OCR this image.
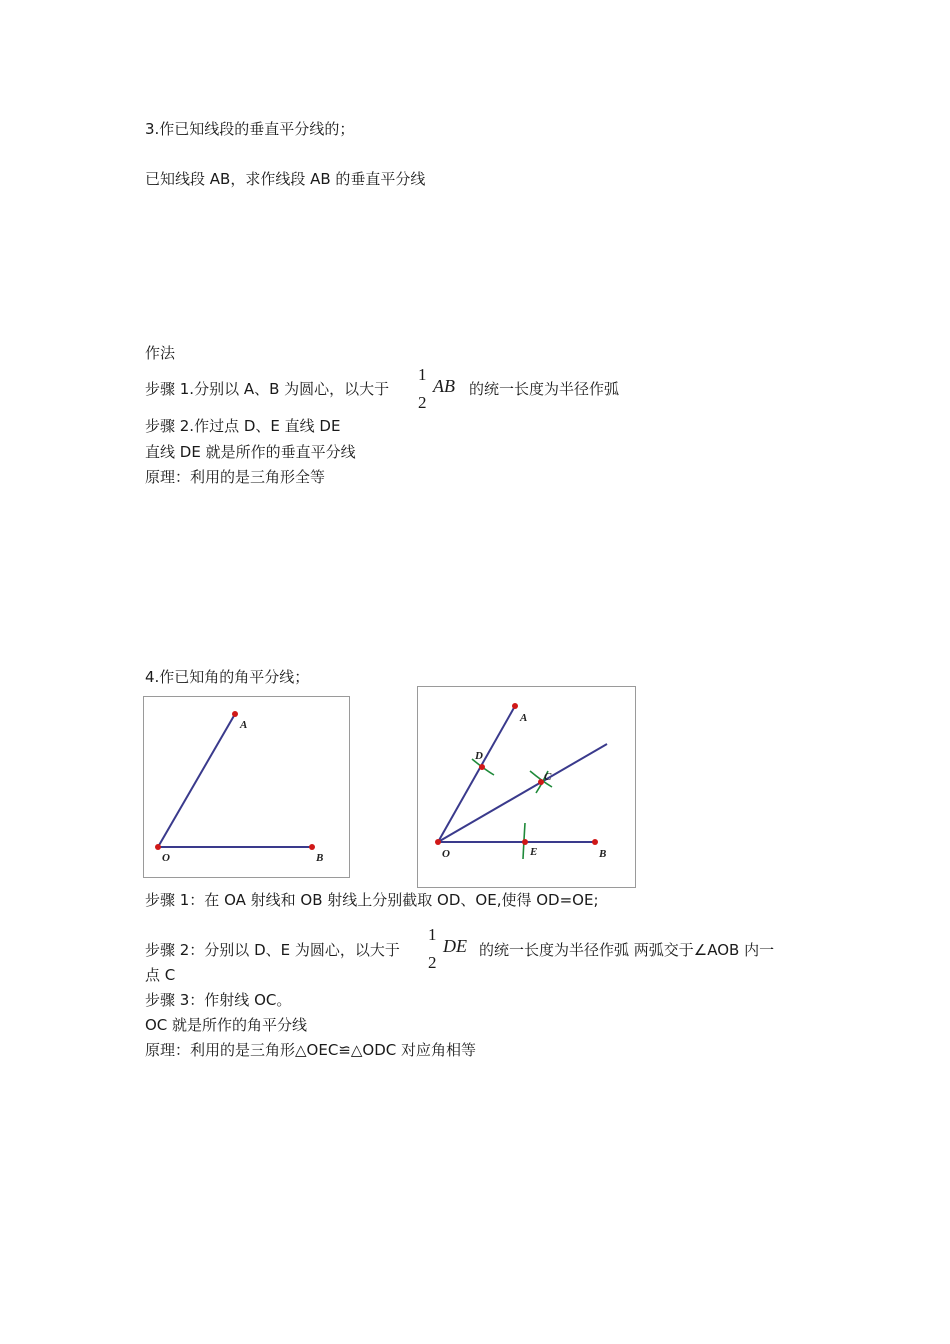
3.作已知线段的垂直平分线的；
已知线段 AB，求作线段 AB 的垂直平分线
作法
步骤 1.分别以 A、B 为圆心，以大于
1
2
AB 的统一长度为半径作弧
步骤 2.作过点 D、E 直线 DE
直线 DE 就是所作的垂直平分线
原理：利用的是三角形全等
4.作已知角的角平分线；
A
O	B
A
D
C
O	E	B
步骤 1：在 OA 射线和 OB 射线上分别截取 OD、OE,使得 OD=OE;
步骤 2：分别以 D、E 为圆心，以大于
1
2
DE 的统一长度为半径作弧 两弧交于∠AOB 内一
点 C
步骤 3：作射线 OC。
OC 就是所作的角平分线
原理：利用的是三角形△OEC≌△ODC 对应角相等
